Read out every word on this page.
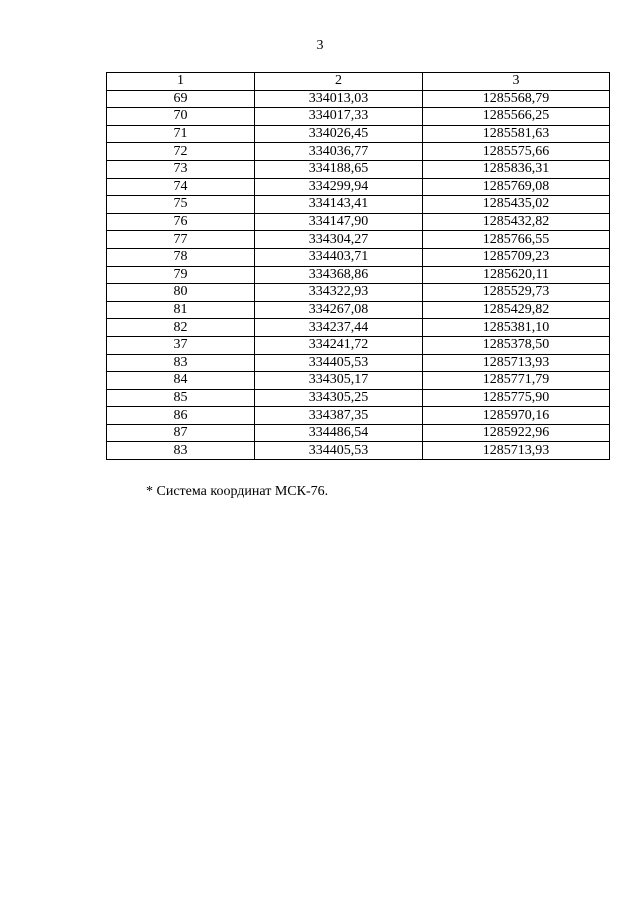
3
1	2	3
69	334013,03	1285568,79
70	334017,33	1285566,25
71	334026,45	1285581,63
72	334036,77	1285575,66
73	334188,65	1285836,31
74	334299,94	1285769,08
75	334143,41	1285435,02
76	334147,90	1285432,82
77	334304,27	1285766,55
78	334403,71	1285709,23
79	334368,86	1285620,11
80	334322,93	1285529,73
81	334267,08	1285429,82
82	334237,44	1285381,10
37	334241,72	1285378,50
83	334405,53	1285713,93
84	334305,17	1285771,79
85	334305,25	1285775,90
86	334387,35	1285970,16
87	334486,54	1285922,96
83	334405,53	1285713,93
* Система координат МСК-76.
